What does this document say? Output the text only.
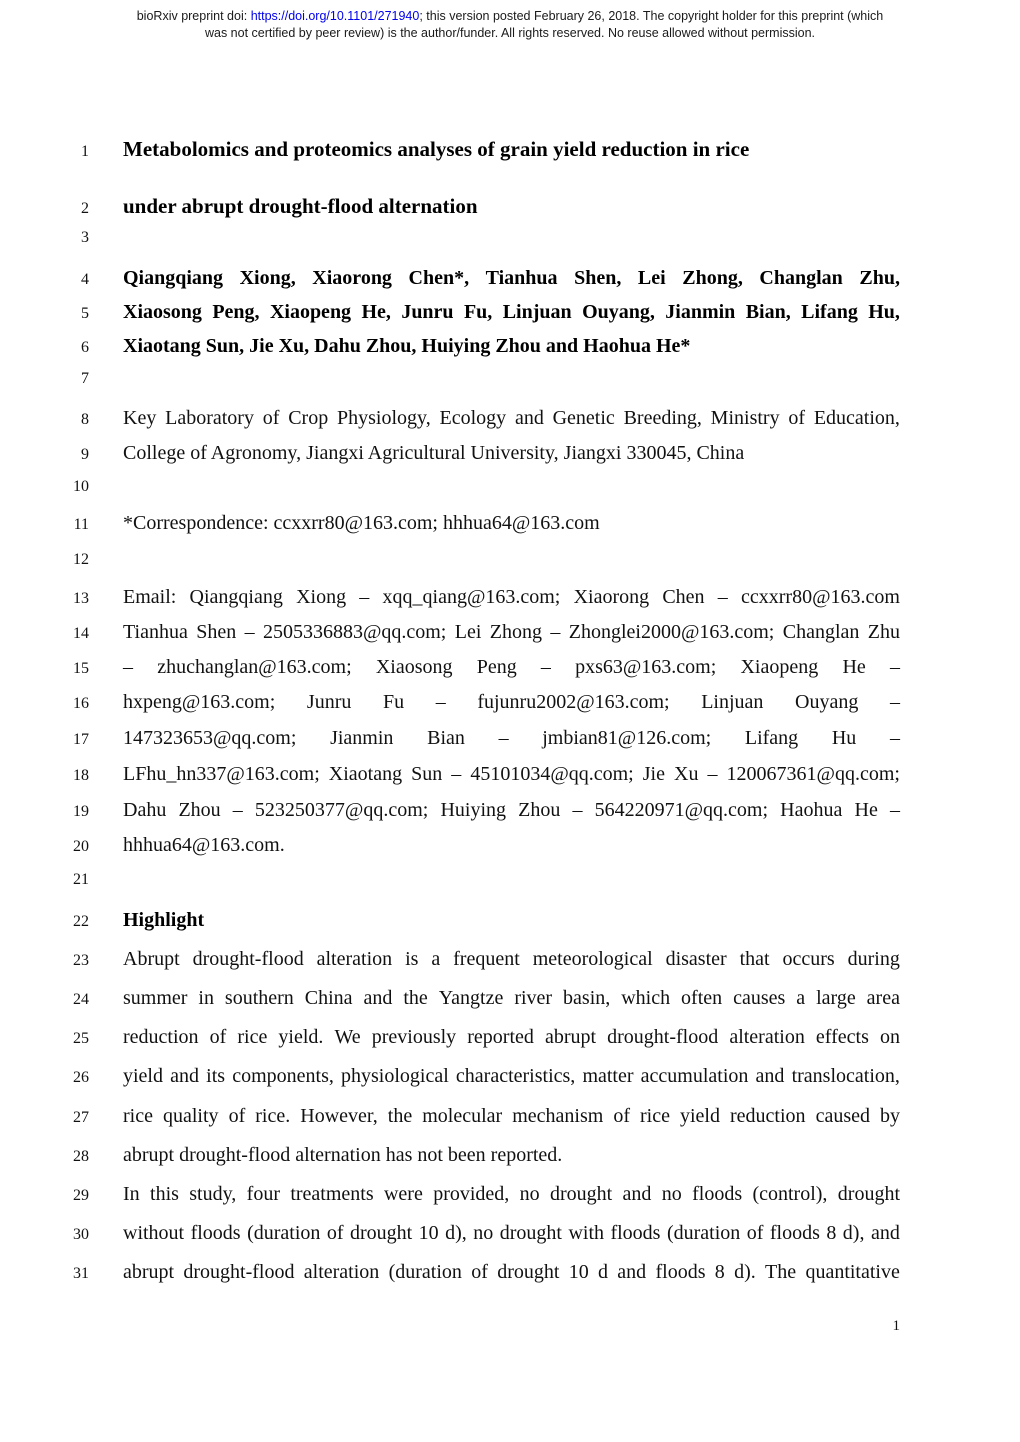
bioRxiv preprint doi: https://doi.org/10.1101/271940; this version posted February 26, 2018. The copyright holder for this preprint (which
was not certified by peer review) is the author/funder. All rights reserved. No reuse allowed without permission.
1 Metabolomics and proteomics analyses of grain yield reduction in rice
2 under abrupt drought-flood alternation
3
4 Qiangqiang Xiong, Xiaorong Chen*, Tianhua Shen, Lei Zhong, Changlan Zhu,
5 Xiaosong Peng, Xiaopeng He, Junru Fu, Linjuan Ouyang, Jianmin Bian, Lifang Hu,
6 Xiaotang Sun, Jie Xu, Dahu Zhou, Huiying Zhou and Haohua He*
7
8 Key Laboratory of Crop Physiology, Ecology and Genetic Breeding, Ministry of Education,
9 College of Agronomy, Jiangxi Agricultural University, Jiangxi 330045, China
10
11 *Correspondence: ccxxrr80@163.com; hhhua64@163.com
12
13 Email: Qiangqiang Xiong – xqq_qiang@163.com; Xiaorong Chen – ccxxrr80@163.com
14 Tianhua Shen – 2505336883@qq.com; Lei Zhong – Zhonglei2000@163.com; Changlan Zhu
15 – zhuchanglan@163.com; Xiaosong Peng – pxs63@163.com; Xiaopeng He –
16 hxpeng@163.com; Junru Fu – fujunru2002@163.com; Linjuan Ouyang –
17 147323653@qq.com; Jianmin Bian – jmbian81@126.com; Lifang Hu –
18 LFhu_hn337@163.com; Xiaotang Sun – 45101034@qq.com; Jie Xu – 120067361@qq.com;
19 Dahu Zhou – 523250377@qq.com; Huiying Zhou – 564220971@qq.com; Haohua He –
20 hhhua64@163.com.
21
22 Highlight
23 Abrupt drought-flood alteration is a frequent meteorological disaster that occurs during
24 summer in southern China and the Yangtze river basin, which often causes a large area
25 reduction of rice yield. We previously reported abrupt drought-flood alteration effects on
26 yield and its components, physiological characteristics, matter accumulation and translocation,
27 rice quality of rice. However, the molecular mechanism of rice yield reduction caused by
28 abrupt drought-flood alternation has not been reported.
29 In this study, four treatments were provided, no drought and no floods (control), drought
30 without floods (duration of drought 10 d), no drought with floods (duration of floods 8 d), and
31 abrupt drought-flood alteration (duration of drought 10 d and floods 8 d). The quantitative
1
